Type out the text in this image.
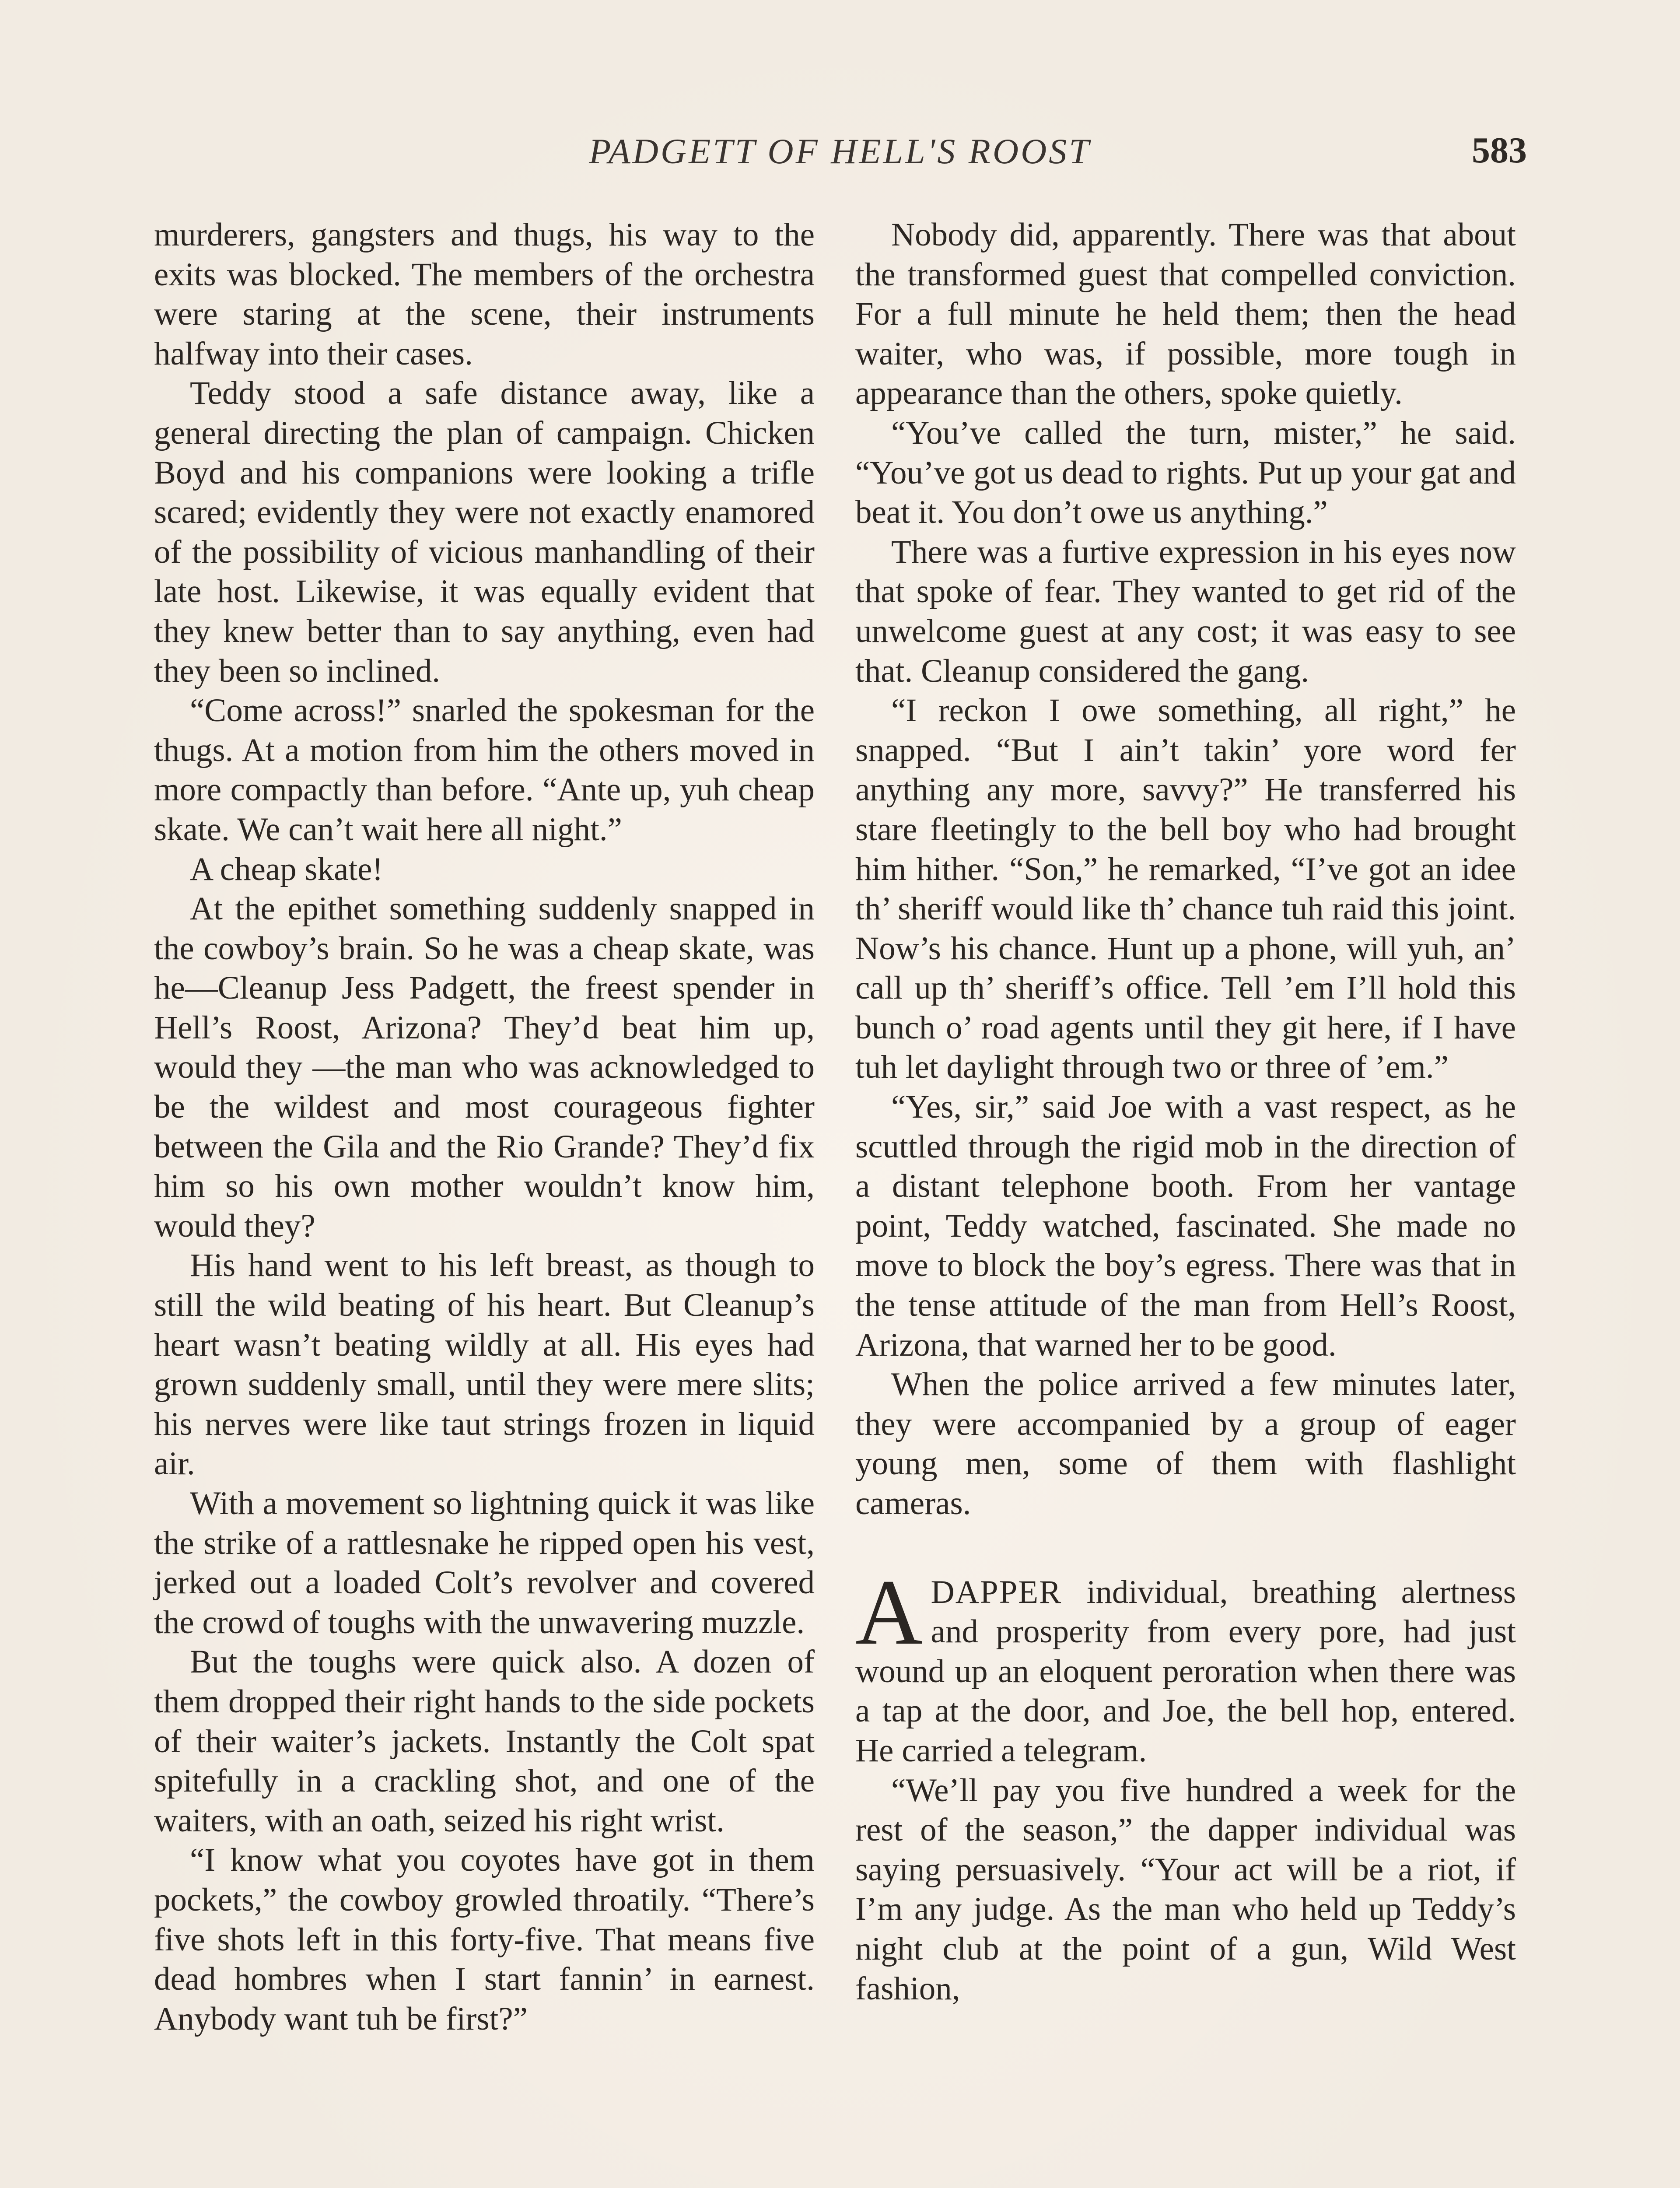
PADGETT OF HELL'S ROOST	583

murderers, gangsters and thugs, his way to the exits was blocked. The members of the orchestra were staring at the scene, their instruments halfway into their cases.

Teddy stood a safe distance away, like a general directing the plan of campaign. Chicken Boyd and his companions were looking a trifle scared; evidently they were not exactly enamored of the possibility of vicious manhandling of their late host. Likewise, it was equally evident that they knew better than to say anything, even had they been so inclined.

“Come across!” snarled the spokesman for the thugs. At a motion from him the others moved in more compactly than before. “Ante up, yuh cheap skate. We can’t wait here all night.”

A cheap skate!

At the epithet something suddenly snapped in the cowboy’s brain. So he was a cheap skate, was he—Cleanup Jess Padgett, the freest spender in Hell’s Roost, Arizona? They’d beat him up, would they —the man who was acknowledged to be the wildest and most courageous fighter between the Gila and the Rio Grande? They’d fix him so his own mother wouldn’t know him, would they?

His hand went to his left breast, as though to still the wild beating of his heart. But Cleanup’s heart wasn’t beating wildly at all. His eyes had grown suddenly small, until they were mere slits; his nerves were like taut strings frozen in liquid air.

With a movement so lightning quick it was like the strike of a rattlesnake he ripped open his vest, jerked out a loaded Colt’s revolver and covered the crowd of toughs with the unwavering muzzle.

But the toughs were quick also. A dozen of them dropped their right hands to the side pockets of their waiter’s jackets. Instantly the Colt spat spitefully in a crackling shot, and one of the waiters, with an oath, seized his right wrist.

“I know what you coyotes have got in them pockets,” the cowboy growled throatily. “There’s five shots left in this forty-five. That means five dead hombres when I start fannin’ in earnest. Anybody want tuh be first?”

Nobody did, apparently. There was that about the transformed guest that compelled conviction. For a full minute he held them; then the head waiter, who was, if possible, more tough in appearance than the others, spoke quietly.

“You’ve called the turn, mister,” he said. “You’ve got us dead to rights. Put up your gat and beat it. You don’t owe us anything.”

There was a furtive expression in his eyes now that spoke of fear. They wanted to get rid of the unwelcome guest at any cost; it was easy to see that. Cleanup considered the gang.

“I reckon I owe something, all right,” he snapped. “But I ain’t takin’ yore word fer anything any more, savvy?” He transferred his stare fleetingly to the bell boy who had brought him hither. “Son,” he remarked, “I’ve got an idee th’ sheriff would like th’ chance tuh raid this joint. Now’s his chance. Hunt up a phone, will yuh, an’ call up th’ sheriff’s office. Tell ’em I’ll hold this bunch o’ road agents until they git here, if I have tuh let daylight through two or three of ’em.”

“Yes, sir,” said Joe with a vast respect, as he scuttled through the rigid mob in the direction of a distant telephone booth. From her vantage point, Teddy watched, fascinated. She made no move to block the boy’s egress. There was that in the tense attitude of the man from Hell’s Roost, Arizona, that warned her to be good.

When the police arrived a few minutes later, they were accompanied by a group of eager young men, some of them with flashlight cameras.

ADAPPER individual, breathing alertness and prosperity from every pore, had just wound up an eloquent peroration when there was a tap at the door, and Joe, the bell hop, entered. He carried a telegram.

“We’ll pay you five hundred a week for the rest of the season,” the dapper individual was saying persuasively. “Your act will be a riot, if I’m any judge. As the man who held up Teddy’s night club at the point of a gun, Wild West fashion,
